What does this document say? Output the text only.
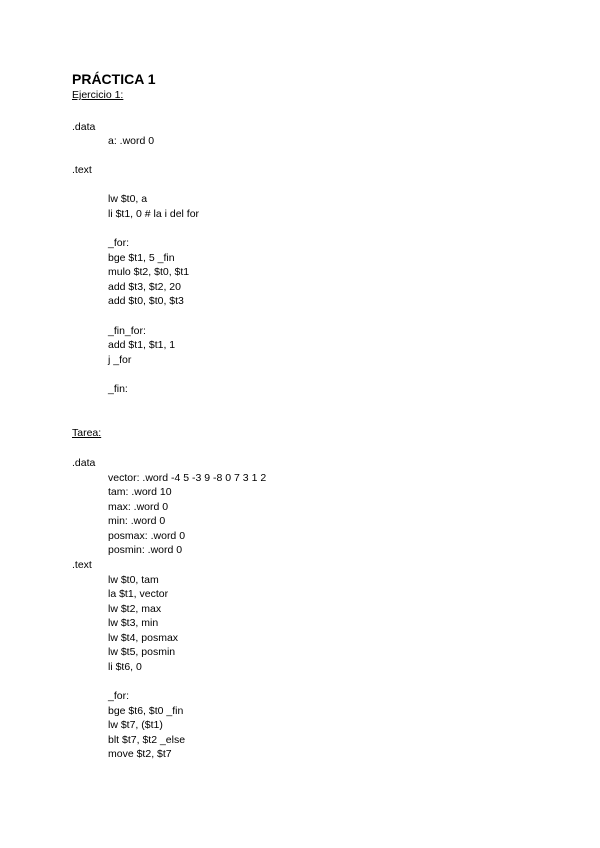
PRÁCTICA 1
Ejercicio 1:
.data
a: .word 0
.text
lw $t0, a
li $t1, 0 # la i del for
_for:
bge $t1, 5 _fin
mulo $t2, $t0, $t1
add $t3, $t2, 20
add $t0, $t0, $t3
_fin_for:
add $t1, $t1, 1
j _for
_fin:
Tarea:
.data
vector: .word -4 5 -3 9 -8 0 7 3 1 2
tam: .word 10
max: .word 0
min: .word 0
posmax: .word 0
posmin: .word 0
.text
lw $t0, tam
la $t1, vector
lw $t2, max
lw $t3, min
lw $t4, posmax
lw $t5, posmin
li $t6, 0
_for:
bge $t6, $t0 _fin
lw $t7, ($t1)
blt $t7, $t2 _else
move $t2, $t7
